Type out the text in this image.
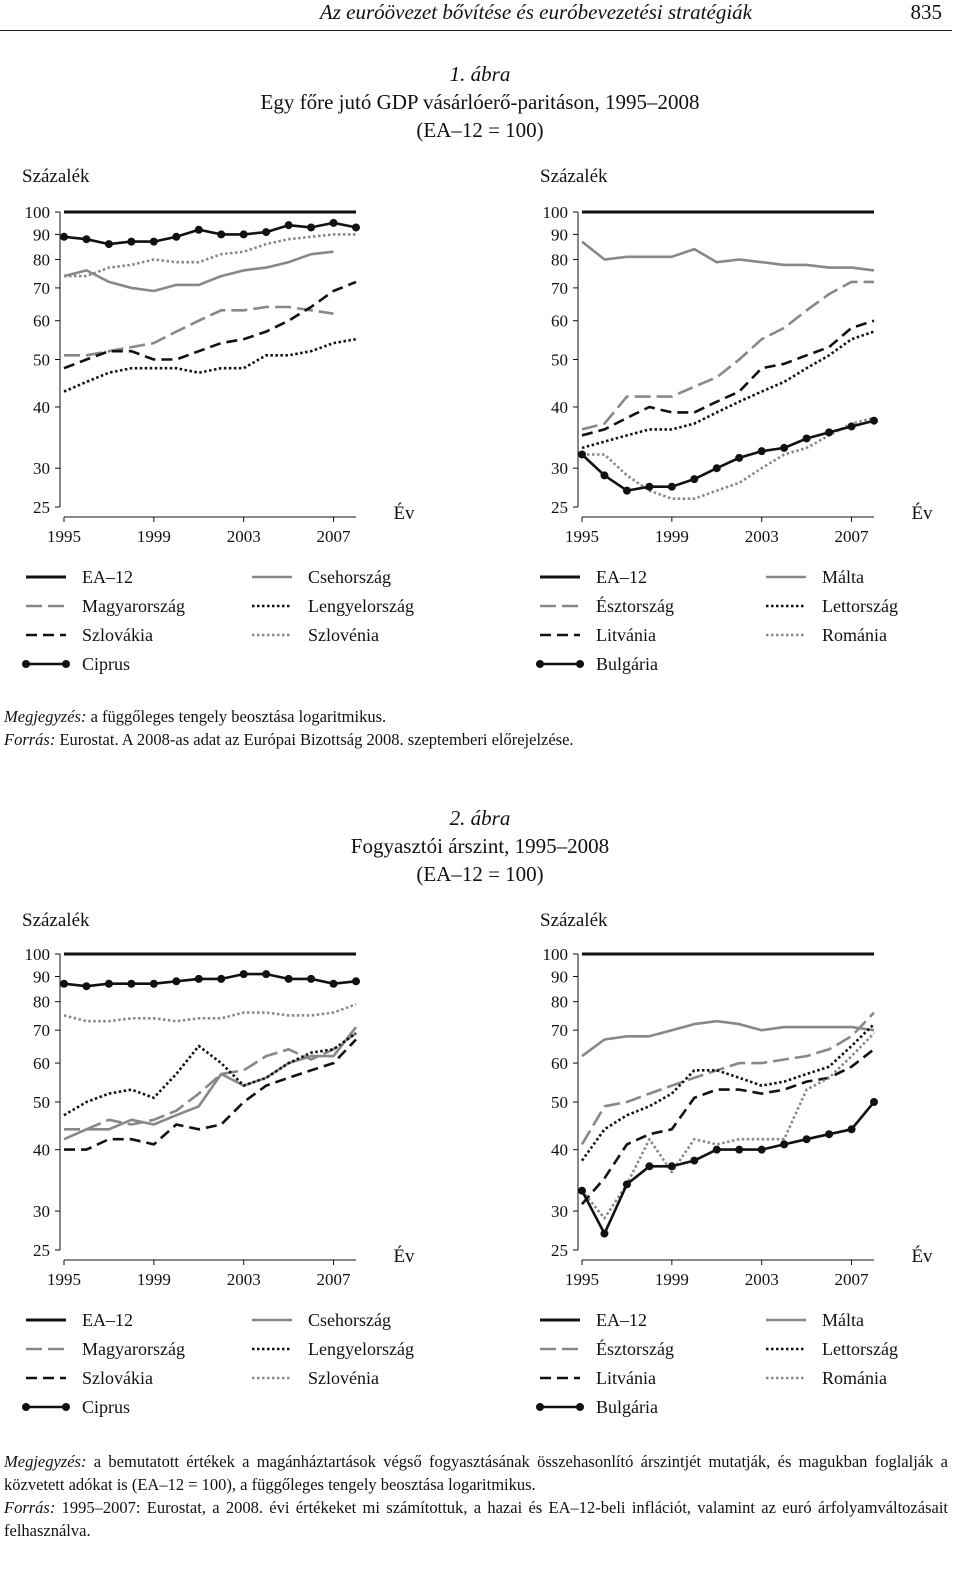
Az euróövezet bővítése és euróbevezetési stratégiák	835
1. ábra
Egy főre jutó GDP vásárlóerő-paritáson, 1995–2008
(EA–12 = 100)
2. ábra
Fogyasztói árszint, 1995–2008
(EA–12 = 100)
Százalék
25
30
40
50
60
70
80
90
100
1995	1999	2003	2007
Év
EA–12	Csehország
Magyarország	Lengyelország
Szlovákia	Szlovénia
Ciprus
Százalék
25
30
40
50
60
70
80
90
100
1995	1999	2003	2007
Év
EA–12	Málta
Észtország	Lettország
Litvánia	Románia
Bulgária
Százalék
25
30
40
50
60
70
80
90
100
1995	1999	2003	2007
Év
EA–12	Csehország
Magyarország	Lengyelország
Szlovákia	Szlovénia
Ciprus
Százalék
25
30
40
50
60
70
80
90
100
1995	1999	2003	2007
Év
EA–12	Málta
Észtország	Lettország
Litvánia	Románia
Bulgária
Megjegyzés: a függőleges tengely beosztása logaritmikus.
Forrás: Eurostat. A 2008-as adat az Európai Bizottság 2008. szeptemberi előrejelzése.
Megjegyzés: a bemutatott értékek a magánháztartások végső fogyasztásának összehasonlító árszintjét mutatják, és magukban foglalják a közvetett adókat is (EA–12 = 100), a függőleges tengely beosztása logaritmikus.
Forrás: 1995–2007: Eurostat, a 2008. évi értékeket mi számítottuk, a hazai és EA–12-beli inflációt, valamint az euró árfolyamváltozásait felhasználva.
